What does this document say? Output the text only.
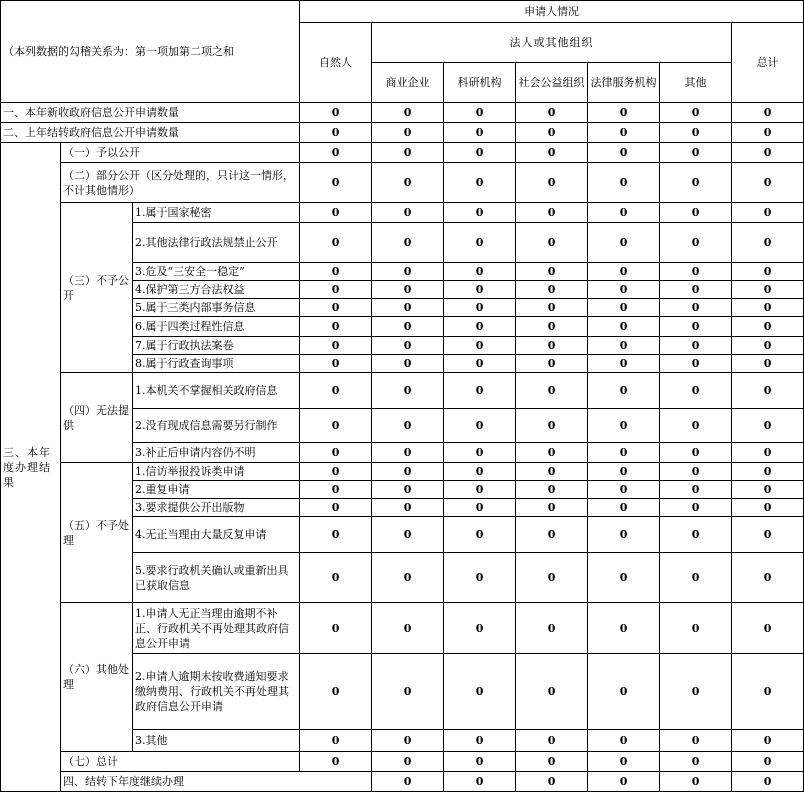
（本列数据的勾稽关系为：第一项加第二项之和			申请人情况							
			自然人	法人或其他组织					总计	
				商业企业	科研机构	社会公益组织	法律服务机构	其他		

一、本年新收政府信息公开申请数量			0	0	0	0	0	0	0	
二、上年结转政府信息公开申请数量			0	0	0	0	0	0	0	
三、本年度办理结果	（一）予以公开		0	0	0	0	0	0	0	
	（二）部分公开（区分处理的，只计这一情形，不计其他情形）		0	0	0	0	0	0	0	
	（三）不予公开	1.属于国家秘密	0	0	0	0	0	0	0	
		2.其他法律行政法规禁止公开	0	0	0	0	0	0	0	
		3.危及“三安全一稳定”	0	0	0	0	0	0	0	
		4.保护第三方合法权益	0	0	0	0	0	0	0	
		5.属于三类内部事务信息	0	0	0	0	0	0	0	
		6.属于四类过程性信息	0	0	0	0	0	0	0	
		7.属于行政执法案卷	0	0	0	0	0	0	0	
		8.属于行政查询事项	0	0	0	0	0	0	0	
	（四）无法提供	1.本机关不掌握相关政府信息	0	0	0	0	0	0	0	
		2.没有现成信息需要另行制作	0	0	0	0	0	0	0	
		3.补正后申请内容仍不明	0	0	0	0	0	0	0	
	（五）不予处理	1.信访举报投诉类申请	0	0	0	0	0	0	0	
		2.重复申请	0	0	0	0	0	0	0	
		3.要求提供公开出版物	0	0	0	0	0	0	0	
		4.无正当理由大量反复申请	0	0	0	0	0	0	0	
		5.要求行政机关确认或重新出具已获取信息	0	0	0	0	0	0	0	
	（六）其他处理	1.申请人无正当理由逾期不补正、行政机关不再处理其政府信息公开申请	0	0	0	0	0	0	0	
		2.申请人逾期未按收费通知要求缴纳费用、行政机关不再处理其政府信息公开申请	0	0	0	0	0	0	0	
		3.其他	0	0	0	0	0	0	0	
	（七）总计		0	0	0	0	0	0	0	
	四、结转下年度继续办理			0	0	0	0	0	0	
